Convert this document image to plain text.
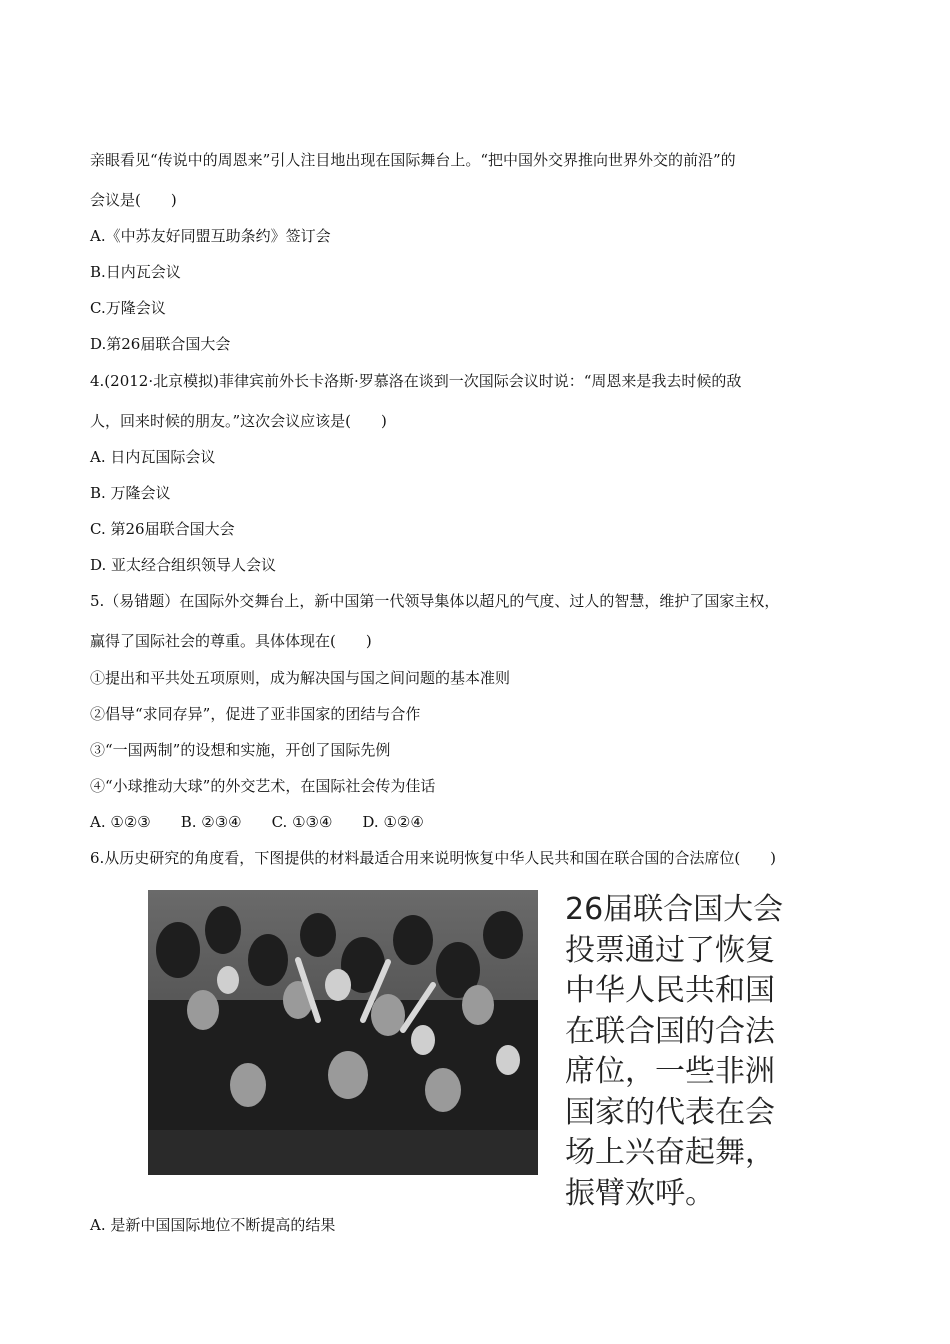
亲眼看见“传说中的周恩来”引人注目地出现在国际舞台上。“把中国外交界推向世界外交的前沿”的
会议是(　　)
A.《中苏友好同盟互助条约》签订会
B.日内瓦会议
C.万隆会议
D.第26届联合国大会
4.(2012·北京模拟)菲律宾前外长卡洛斯·罗慕洛在谈到一次国际会议时说：“周恩来是我去时候的敌
人，回来时候的朋友。”这次会议应该是(　　)
A. 日内瓦国际会议
B. 万隆会议
C. 第26届联合国大会
D. 亚太经合组织领导人会议
5.（易错题）在国际外交舞台上，新中国第一代领导集体以超凡的气度、过人的智慧，维护了国家主权，
赢得了国际社会的尊重。具体体现在(　　)
①提出和平共处五项原则，成为解决国与国之间问题的基本准则
②倡导“求同存异”，促进了亚非国家的团结与合作
③“一国两制”的设想和实施，开创了国际先例
④“小球推动大球”的外交艺术，在国际社会传为佳话
A. ①②③　　B. ②③④　　C. ①③④　　D. ①②④
6.从历史研究的角度看，下图提供的材料最适合用来说明恢复中华人民共和国在联合国的合法席位(　　)
26届联合国大会
投票通过了恢复
中华人民共和国
在联合国的合法
席位，一些非洲
国家的代表在会
场上兴奋起舞，
振臂欢呼。
A. 是新中国国际地位不断提高的结果
